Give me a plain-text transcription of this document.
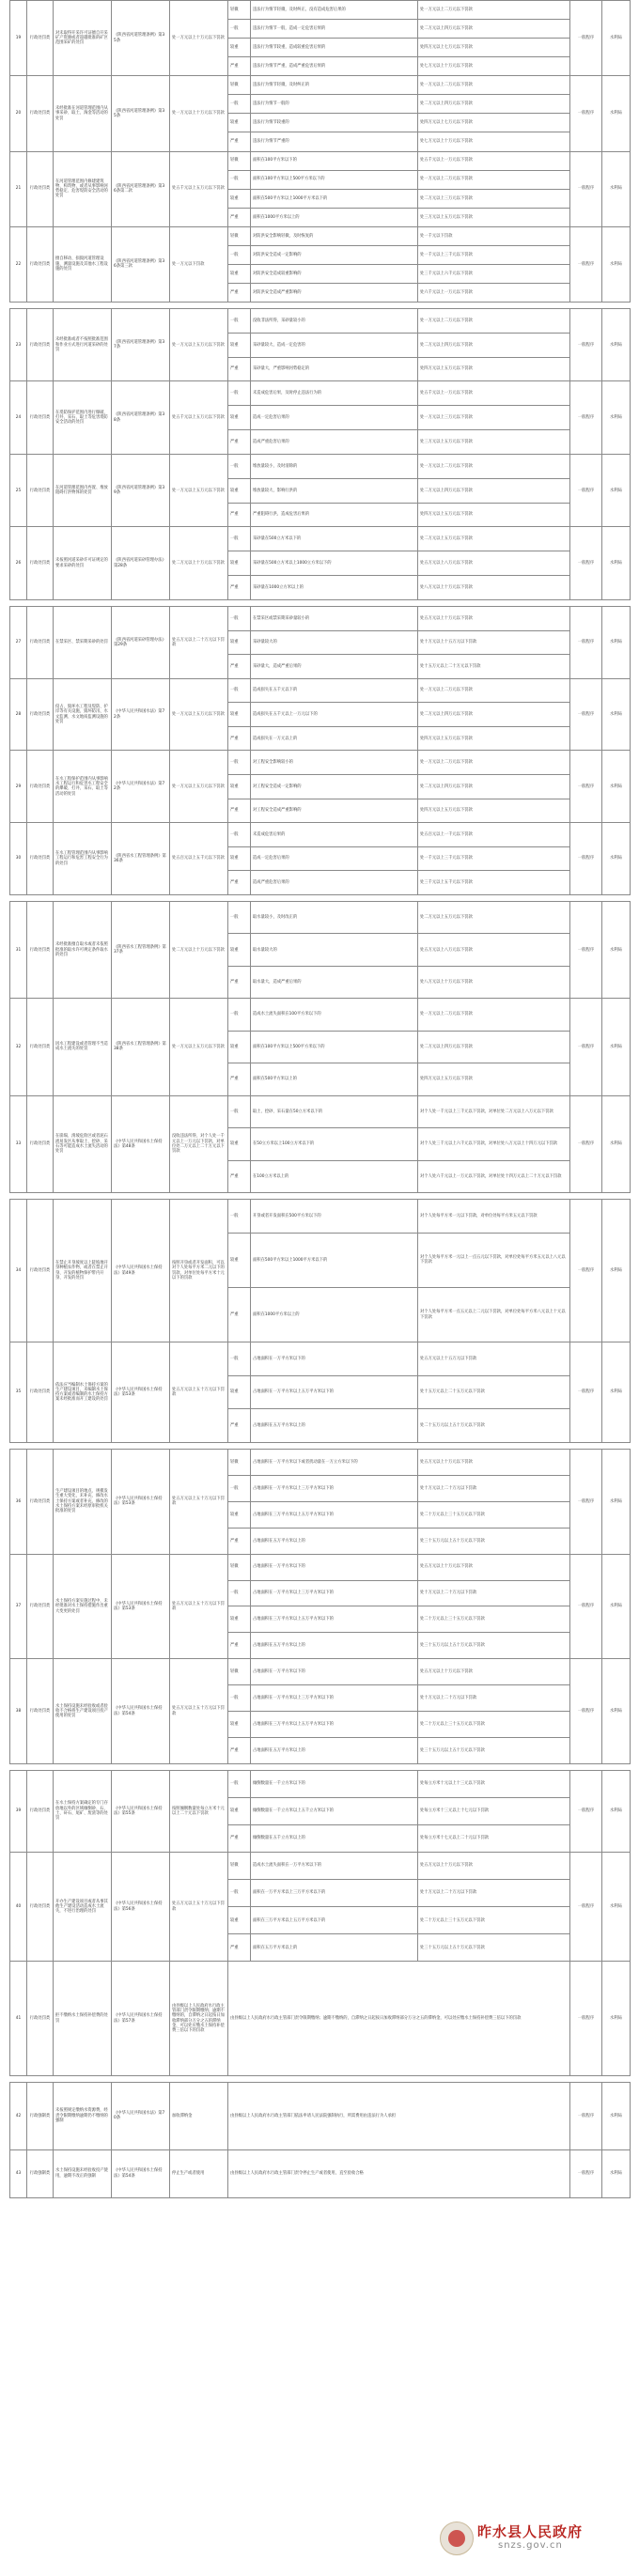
19	行政处罚类	对未取得开采许可证擅自开采矿产资源或者超越批准的矿区范围采矿的处罚	《陕西省河道管理条例》第35条	处一万元以上十万元以下罚款	轻微	违法行为情节轻微，及时纠正，没有造成危害后果的	处一万元以上二万元以下罚款	一般程序	水利局
					一般	违法行为情节一般，造成一定危害后果的	处二万元以上四万元以下罚款		
					较重	违法行为情节较重，造成较重危害后果的	处四万元以上七万元以下罚款		
					严重	违法行为情节严重，造成严重危害后果的	处七万元以上十万元以下罚款		
20	行政处罚类	未经批准在河道管理范围内从事采砂、取土、淘金等活动的处罚	《陕西省河道管理条例》第35条	处一万元以上十万元以下罚款	轻微	违法行为情节轻微，及时纠正的	处一万元以上二万元以下罚款	一般程序	水利局
					一般	违法行为情节一般的	处二万元以上四万元以下罚款		
					较重	违法行为情节较重的	处四万元以上七万元以下罚款		
					严重	违法行为情节严重的	处七万元以上十万元以下罚款		
21	行政处罚类	在河道管理范围内修建建筑物、构筑物，或者从事影响河势稳定、危害堤防安全活动的处罚	《陕西省河道管理条例》第36条第二款	处五千元以上五万元以下罚款	轻微	面积在100平方米以下的	处五千元以上一万元以下罚款	一般程序	水利局
					一般	面积在100平方米以上500平方米以下的	处一万元以上二万元以下罚款		
					较重	面积在500平方米以上1000平方米以下的	处二万元以上三万元以下罚款		
					严重	面积在1000平方米以上的	处三万元以上五万元以下罚款		
22	行政处罚类	擅自移动、损毁河道管理设施、测量设施及其他水工程设施的处罚	《陕西省河道管理条例》第36条第三款	处一万元以下罚款	轻微	对防洪安全影响轻微，及时恢复的	处一千元以下罚款	一般程序	水利局
					一般	对防洪安全造成一定影响的	处一千元以上三千元以下罚款		
					较重	对防洪安全造成较重影响的	处三千元以上六千元以下罚款		
					严重	对防洪安全造成严重影响的	处六千元以上一万元以下罚款		
23	行政处罚类	未经批准或者不按照批准范围和作业方式进行河道采砂的处罚	《陕西省河道管理条例》第37条	处一万元以上五万元以下罚款	一般	没收非法所得，采砂量较小的	处一万元以上二万元以下罚款	一般程序	水利局
					较重	采砂量较大，造成一定危害的	处二万元以上四万元以下罚款		
					严重	采砂量大，严重影响河势稳定的	处四万元以上五万元以下罚款		
24	行政处罚类	在堤防保护范围内进行爆破、打井、采石、取土等危害堤防安全活动的处罚	《陕西省河道管理条例》第38条	处五千元以上五万元以下罚款	一般	未造成危害后果，及时停止违法行为的	处五千元以上一万元以下罚款	一般程序	水利局
					较重	造成一定危害后果的	处一万元以上三万元以下罚款		
					严重	造成严重危害后果的	处三万元以上五万元以下罚款		
25	行政处罚类	在河道管理范围内弃置、堆放阻碍行洪物体的处罚	《陕西省河道管理条例》第39条	处一万元以上五万元以下罚款	一般	堆放量较小，及时清除的	处一万元以上二万元以下罚款	一般程序	水利局
					较重	堆放量较大，影响行洪的	处二万元以上四万元以下罚款		
					严重	严重阻碍行洪，造成危害后果的	处四万元以上五万元以下罚款		
26	行政处罚类	未按照河道采砂许可证规定的要求采砂的处罚	《陕西省河道采砂管理办法》第28条	处二万元以上十万元以下罚款	一般	采砂量在500立方米以下的	处二万元以上五万元以下罚款	一般程序	水利局
					较重	采砂量在500立方米以上1000立方米以下的	处五万元以上八万元以下罚款		
					严重	采砂量在1000立方米以上的	处八万元以上十万元以下罚款		
27	行政处罚类	在禁采区、禁采期采砂的处罚	《陕西省河道采砂管理办法》第29条	处五万元以上二十万元以下罚款	一般	在禁采区或禁采期采砂量较小的	处五万元以上十万元以下罚款	一般程序	水利局
					较重	采砂量较大的	处十万元以上十五万元以下罚款		
					严重	采砂量大，造成严重后果的	处十五万元以上二十万元以下罚款		
28	行政处罚类	侵占、毁坏水工程及堤防、护岸等有关设施，毁坏防汛、水文监测、水文地质监测设施的处罚	《中华人民共和国水法》第72条	处一万元以上五万元以下罚款	一般	造成损失在五千元以下的	处一万元以上二万元以下罚款	一般程序	水利局
					较重	造成损失在五千元以上一万元以下的	处二万元以上四万元以下罚款		
					严重	造成损失在一万元以上的	处四万元以上五万元以下罚款		
29	行政处罚类	在水工程保护范围内从事影响水工程运行和危害水工程安全的爆破、打井、采石、取土等活动的处罚	《中华人民共和国水法》第72条	处一万元以上五万元以下罚款	一般	对工程安全影响较小的	处一万元以上二万元以下罚款	一般程序	水利局
					较重	对工程安全造成一定影响的	处二万元以上四万元以下罚款		
					严重	对工程安全造成严重影响的	处四万元以上五万元以下罚款		
30	行政处罚类	在水工程管理范围内从事影响工程运行和危害工程安全行为的处罚	《陕西省水工程管理条例》第36条	处五百元以上五千元以下罚款	一般	未造成危害后果的	处五百元以上一千元以下罚款	一般程序	水利局
					较重	造成一定危害后果的	处一千元以上三千元以下罚款		
					严重	造成严重危害后果的	处三千元以上五千元以下罚款		
31	行政处罚类	未经批准擅自取水或者未依照批准的取水许可规定条件取水的处罚	《陕西省水工程管理条例》第37条	处二万元以上十万元以下罚款	一般	取水量较小，及时改正的	处二万元以上五万元以下罚款	一般程序	水利局
					较重	取水量较大的	处五万元以上八万元以下罚款		
					严重	取水量大，造成严重后果的	处八万元以上十万元以下罚款		
32	行政处罚类	因水工程建设或者管理不当造成水土流失的处罚	《陕西省水工程管理条例》第38条	处一万元以上五万元以下罚款	一般	造成水土流失面积在100平方米以下的	处一万元以上二万元以下罚款	一般程序	水利局
					较重	面积在100平方米以上500平方米以下的	处二万元以上四万元以下罚款		
					严重	面积在500平方米以上的	处四万元以上五万元以下罚款		
33	行政处罚类	在崩塌、滑坡危险区或者泥石流易发区从事取土、挖砂、采石等可能造成水土流失活动的处罚	《中华人民共和国水土保持法》第48条	没收违法所得，对个人处一千元以上一万元以下罚款，对单位处二万元以上二十万元以下罚款	一般	取土、挖砂、采石量在50立方米以下的	对个人处一千元以上三千元以下罚款，对单位处二万元以上八万元以下罚款	一般程序	水利局
					较重	在50立方米以上100立方米以下的	对个人处三千元以上六千元以下罚款，对单位处八万元以上十四万元以下罚款		
					严重	在100立方米以上的	对个人处六千元以上一万元以下罚款，对单位处十四万元以上二十万元以下罚款		
34	行政处罚类	在禁止开垦坡度以上陡坡地开垦种植农作物，或者在禁止开垦、开发的植物保护带内开垦、开发的处罚	《中华人民共和国水土保持法》第49条	按照开垦或者开发面积，可以对个人处每平方米二元以下的罚款、对单位处每平方米十元以下的罚款	一般	开垦或者开发面积在500平方米以下的	对个人处每平方米一元以下罚款，对单位处每平方米五元以下罚款	一般程序	水利局
					较重	面积在500平方米以上1000平方米以下的	对个人处每平方米一元以上一点五元以下罚款，对单位处每平方米五元以上八元以下罚款		
					严重	面积在1000平方米以上的	对个人处每平方米一点五元以上二元以下罚款，对单位处每平方米八元以上十元以下罚款		
35	行政处罚类	依法应当编制水土保持方案的生产建设项目，未编制水土保持方案或者编制的水土保持方案未经批准而开工建设的处罚	《中华人民共和国水土保持法》第53条	处五万元以上五十万元以下罚款	一般	占地面积在一万平方米以下的	处五万元以上十五万元以下罚款	一般程序	水利局
					较重	占地面积在一万平方米以上五万平方米以下的	处十五万元以上二十五万元以下罚款		
					严重	占地面积在五万平方米以上的	处二十五万元以上五十万元以下罚款		
36	行政处罚类	生产建设项目的地点、规模发生重大变化，未补充、修改水土保持方案或者补充、修改的水土保持方案未经原审批机关批准的处罚	《中华人民共和国水土保持法》第53条	处五万元以上五十万元以下罚款	轻微	占地面积在一万平方米以下或者扰动量在一万立方米以下的	处五万元以上十万元以下罚款	一般程序	水利局
					一般	占地面积在一万平方米以上三万平方米以下的	处十万元以上二十万元以下罚款		
					较重	占地面积在三万平方米以上五万平方米以下的	处二十万元以上三十五万元以下罚款		
					严重	占地面积在五万平方米以上的	处三十五万元以上五十万元以下罚款		
37	行政处罚类	水土保持方案实施过程中，未经批准对水土保持措施作出重大变更的处罚	《中华人民共和国水土保持法》第53条	处五万元以上五十万元以下罚款	轻微	占地面积在一万平方米以下的	处五万元以上十万元以下罚款	一般程序	水利局
					一般	占地面积在一万平方米以上三万平方米以下的	处十万元以上二十万元以下罚款		
					较重	占地面积在三万平方米以上五万平方米以下的	处二十万元以上三十五万元以下罚款		
					严重	占地面积在五万平方米以上的	处三十五万元以上五十万元以下罚款		
38	行政处罚类	水土保持设施未经验收或者验收不合格将生产建设项目投产使用的处罚	《中华人民共和国水土保持法》第54条	处五万元以上五十万元以下罚款	轻微	占地面积在一万平方米以下的	处五万元以上十万元以下罚款	一般程序	水利局
					一般	占地面积在一万平方米以上三万平方米以下的	处十万元以上二十万元以下罚款		
					较重	占地面积在三万平方米以上五万平方米以下的	处二十万元以上三十五万元以下罚款		
					严重	占地面积在五万平方米以上的	处三十五万元以上五十万元以下罚款		
39	行政处罚类	在水土保持方案确定的专门存放地以外的区域倾倒砂、石、土、矸石、尾矿、废渣等的处罚	《中华人民共和国水土保持法》第55条	按照倾倒数量处每立方米十元以上二十元以下罚款	一般	倾倒数量在一千立方米以下的	处每立方米十元以上十三元以下罚款	一般程序	水利局
					较重	倾倒数量在一千立方米以上五千立方米以下的	处每立方米十三元以上十七元以下罚款		
					严重	倾倒数量在五千立方米以上的	处每立方米十七元以上二十元以下罚款		
40	行政处罚类	开办生产建设项目或者从事其他生产建设活动造成水土流失，不进行治理的处罚	《中华人民共和国水土保持法》第56条	处五万元以上五十万元以下罚款	轻微	造成水土流失面积在一万平方米以下的	处五万元以上十万元以下罚款	一般程序	水利局
					一般	面积在一万平方米以上三万平方米以下的	处十万元以上二十万元以下罚款		
					较重	面积在三万平方米以上五万平方米以下的	处二十万元以上三十五万元以下罚款		
					严重	面积在五万平方米以上的	处三十五万元以上五十万元以下罚款		
41	行政处罚类	拒不缴纳水土保持补偿费的处罚	《中华人民共和国水土保持法》第57条	由县级以上人民政府水行政主管部门责令限期缴纳；逾期不缴纳的，自滞纳之日起按日加收滞纳部分万分之五的滞纳金，可以处应缴水土保持补偿费三倍以下的罚款	由县级以上人民政府水行政主管部门责令限期缴纳；逾期不缴纳的，自滞纳之日起按日加收滞纳部分万分之五的滞纳金，可以处应缴水土保持补偿费三倍以下的罚款			一般程序	水利局
42	行政强制类	未按照规定缴纳水资源费，经责令限期缴纳逾期仍不缴纳的强制	《中华人民共和国水法》第70条	加收滞纳金	由县级以上人民政府水行政主管部门依法申请人民法院强制执行，所需费用由违法行为人承担	一般程序	水利局
43	行政强制类	水土保持设施未经验收投产使用，逾期不改正的强制	《中华人民共和国水土保持法》第54条	停止生产或者使用	由县级以上人民政府水行政主管部门责令停止生产或者使用，直至验收合格	一般程序	水利局
昨水县人民政府
snzs.gov.cn
